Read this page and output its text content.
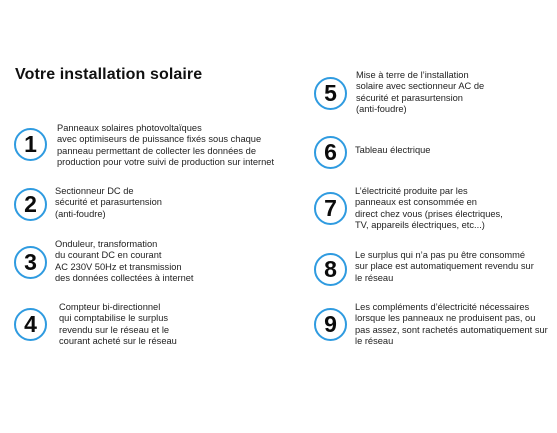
Votre installation solaire
1
Panneaux solaires photovoltaïques
avec optimiseurs de puissance fixés sous chaque
panneau permettant de collecter les données de
production pour votre suivi de production sur internet
2 Sectionneur DC de
sécurité et parasurtension
(anti-foudre)
3
Onduleur, transformation
du courant DC en courant
AC 230V 50Hz et transmission
des données collectées à internet
4
Compteur bi-directionnel
qui comptabilise le surplus
revendu sur le réseau et le
courant acheté sur le réseau
5
Mise à terre de l’installation
solaire avec sectionneur AC de
sécurité et parasurtension
(anti-foudre)
6 Tableau électrique
7
L’électricité produite par les
panneaux est consommée en
direct chez vous (prises électriques,
TV, appareils électriques, etc...)
8
Le surplus qui n’a pas pu être consommé
sur place est automatiquement revendu sur
le réseau
9
Les compléments d’électricité nécessaires
lorsque les panneaux ne produisent pas, ou
pas assez, sont rachetés automatiquement sur
le réseau
